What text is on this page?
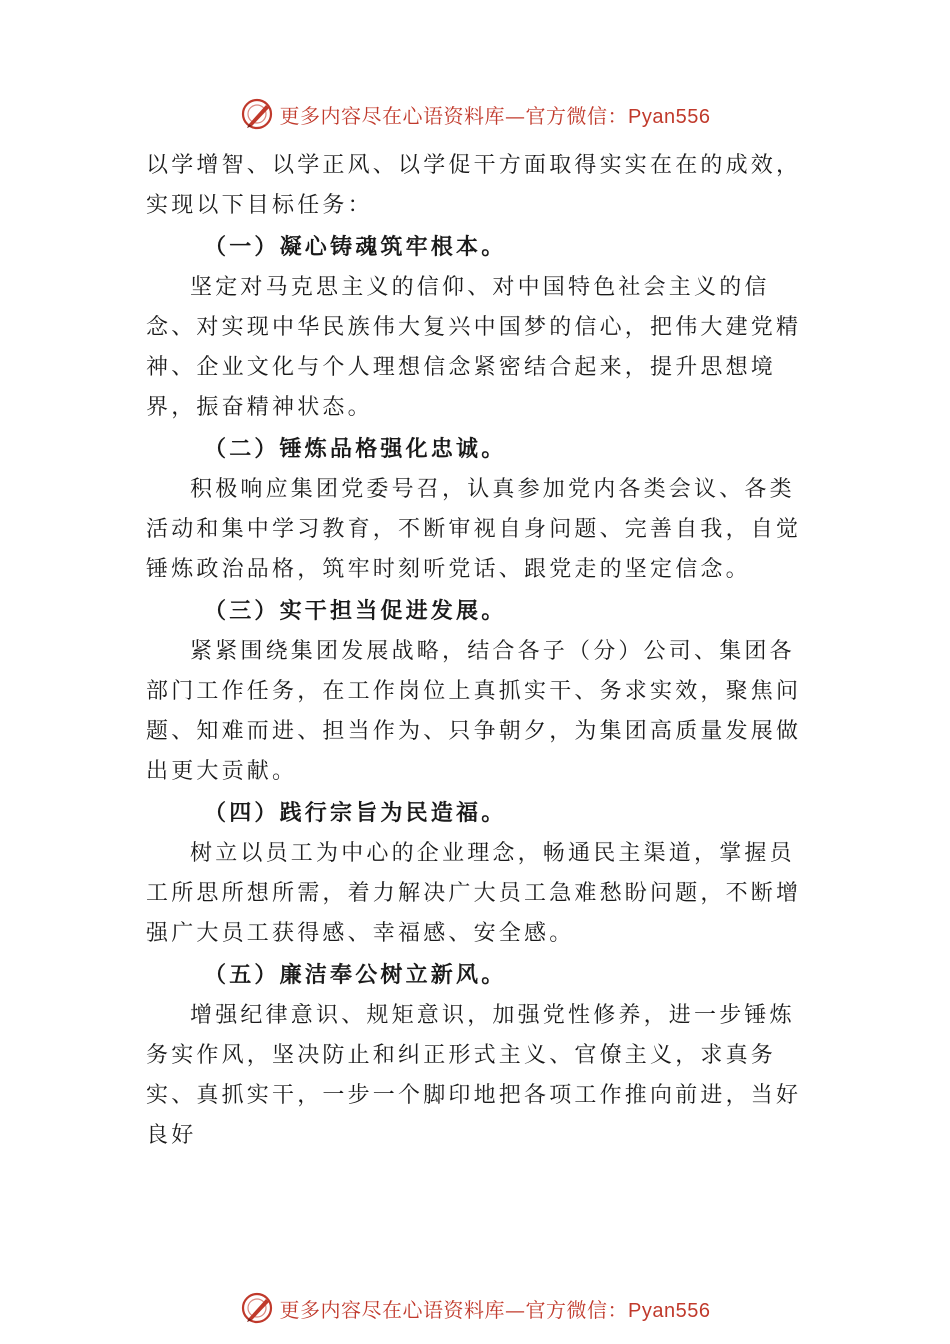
更多内容尽在心语资料库—官方微信：Pyan556

以学增智、以学正风、以学促干方面取得实实在在的成效， 实现以下目标任务：

（一）凝心铸魂筑牢根本。

坚定对马克思主义的信仰、对中国特色社会主义的信念、对实现中华民族伟大复兴中国梦的信心，把伟大建党精神、企业文化与个人理想信念紧密结合起来，提升思想境界，振奋精神状态。

（二）锤炼品格强化忠诚。

积极响应集团党委号召，认真参加党内各类会议、各类活动和集中学习教育，不断审视自身问题、完善自我，自觉锤炼政治品格，筑牢时刻听党话、跟党走的坚定信念。

（三）实干担当促进发展。

紧紧围绕集团发展战略，结合各子（分）公司、集团各部门工作任务，在工作岗位上真抓实干、务求实效，聚焦问题、知难而进、担当作为、只争朝夕，为集团高质量发展做出更大贡献。

（四）践行宗旨为民造福。

树立以员工为中心的企业理念，畅通民主渠道，掌握员工所思所想所需，着力解决广大员工急难愁盼问题，不断增强广大员工获得感、幸福感、安全感。

（五）廉洁奉公树立新风。

增强纪律意识、规矩意识，加强党性修养，进一步锤炼务实作风，坚决防止和纠正形式主义、官僚主义，求真务实、真抓实干，一步一个脚印地把各项工作推向前进，当好良好

更多内容尽在心语资料库—官方微信：Pyan556
